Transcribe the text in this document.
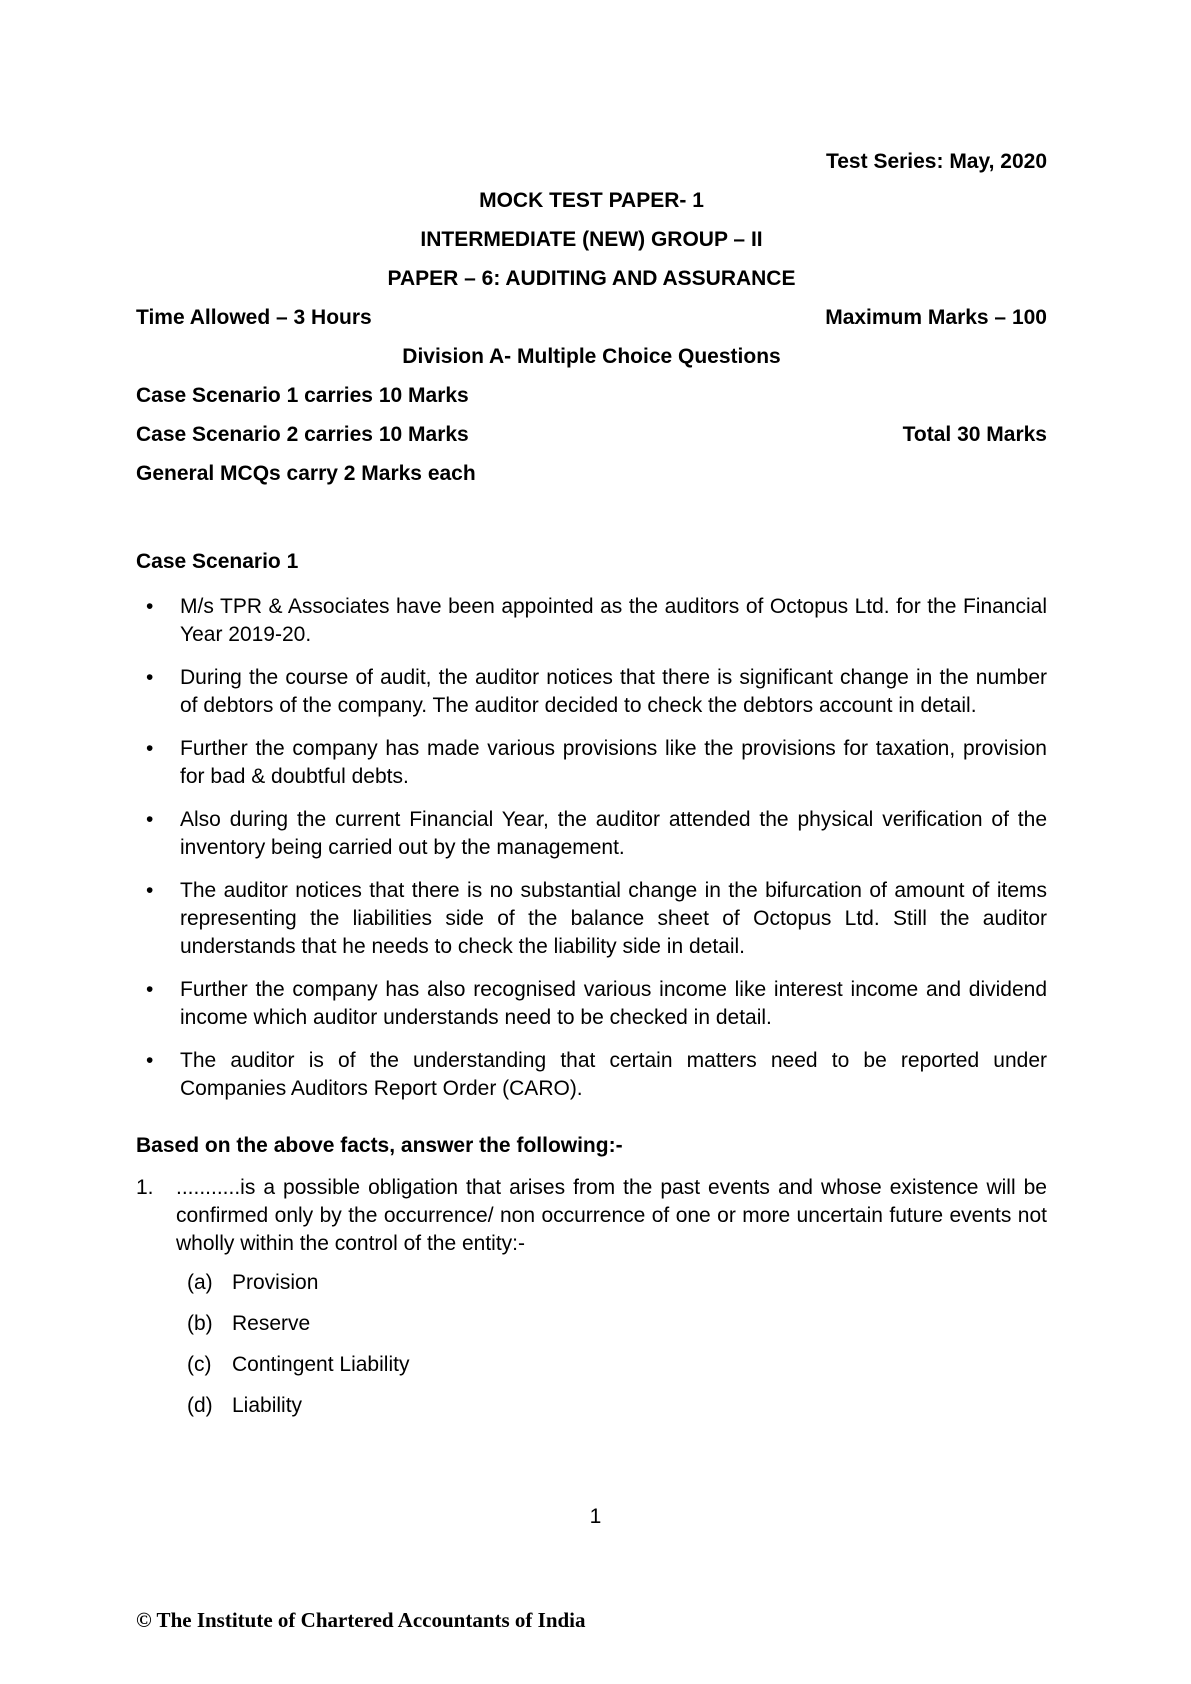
Test Series: May, 2020
MOCK TEST PAPER- 1
INTERMEDIATE (NEW) GROUP – II
PAPER – 6: AUDITING AND ASSURANCE
Time Allowed – 3 Hours	Maximum Marks – 100
Division A- Multiple Choice Questions
Case Scenario 1 carries 10 Marks
Case Scenario 2 carries 10 Marks	Total 30 Marks
General MCQs carry 2 Marks each
Case Scenario 1
• M/s TPR & Associates have been appointed as the auditors of Octopus Ltd. for the Financial Year 2019-20.
• During the course of audit, the auditor notices that there is significant change in the number of debtors of the company. The auditor decided to check the debtors account in detail.
• Further the company has made various provisions like the provisions for taxation, provision for bad & doubtful debts.
• Also during the current Financial Year, the auditor attended the physical verification of the inventory being carried out by the management.
• The auditor notices that there is no substantial change in the bifurcation of amount of items representing the liabilities side of the balance sheet of Octopus Ltd. Still the auditor understands that he needs to check the liability side in detail.
• Further the company has also recognised various income like interest income and dividend income which auditor understands need to be checked in detail.
• The auditor is of the understanding that certain matters need to be reported under Companies Auditors Report Order (CARO).
Based on the above facts, answer the following:-
1. ...........is a possible obligation that arises from the past events and whose existence will be confirmed only by the occurrence/ non occurrence of one or more uncertain future events not wholly within the control of the entity:-
(a) Provision
(b) Reserve
(c) Contingent Liability
(d) Liability
1
© The Institute of Chartered Accountants of India
